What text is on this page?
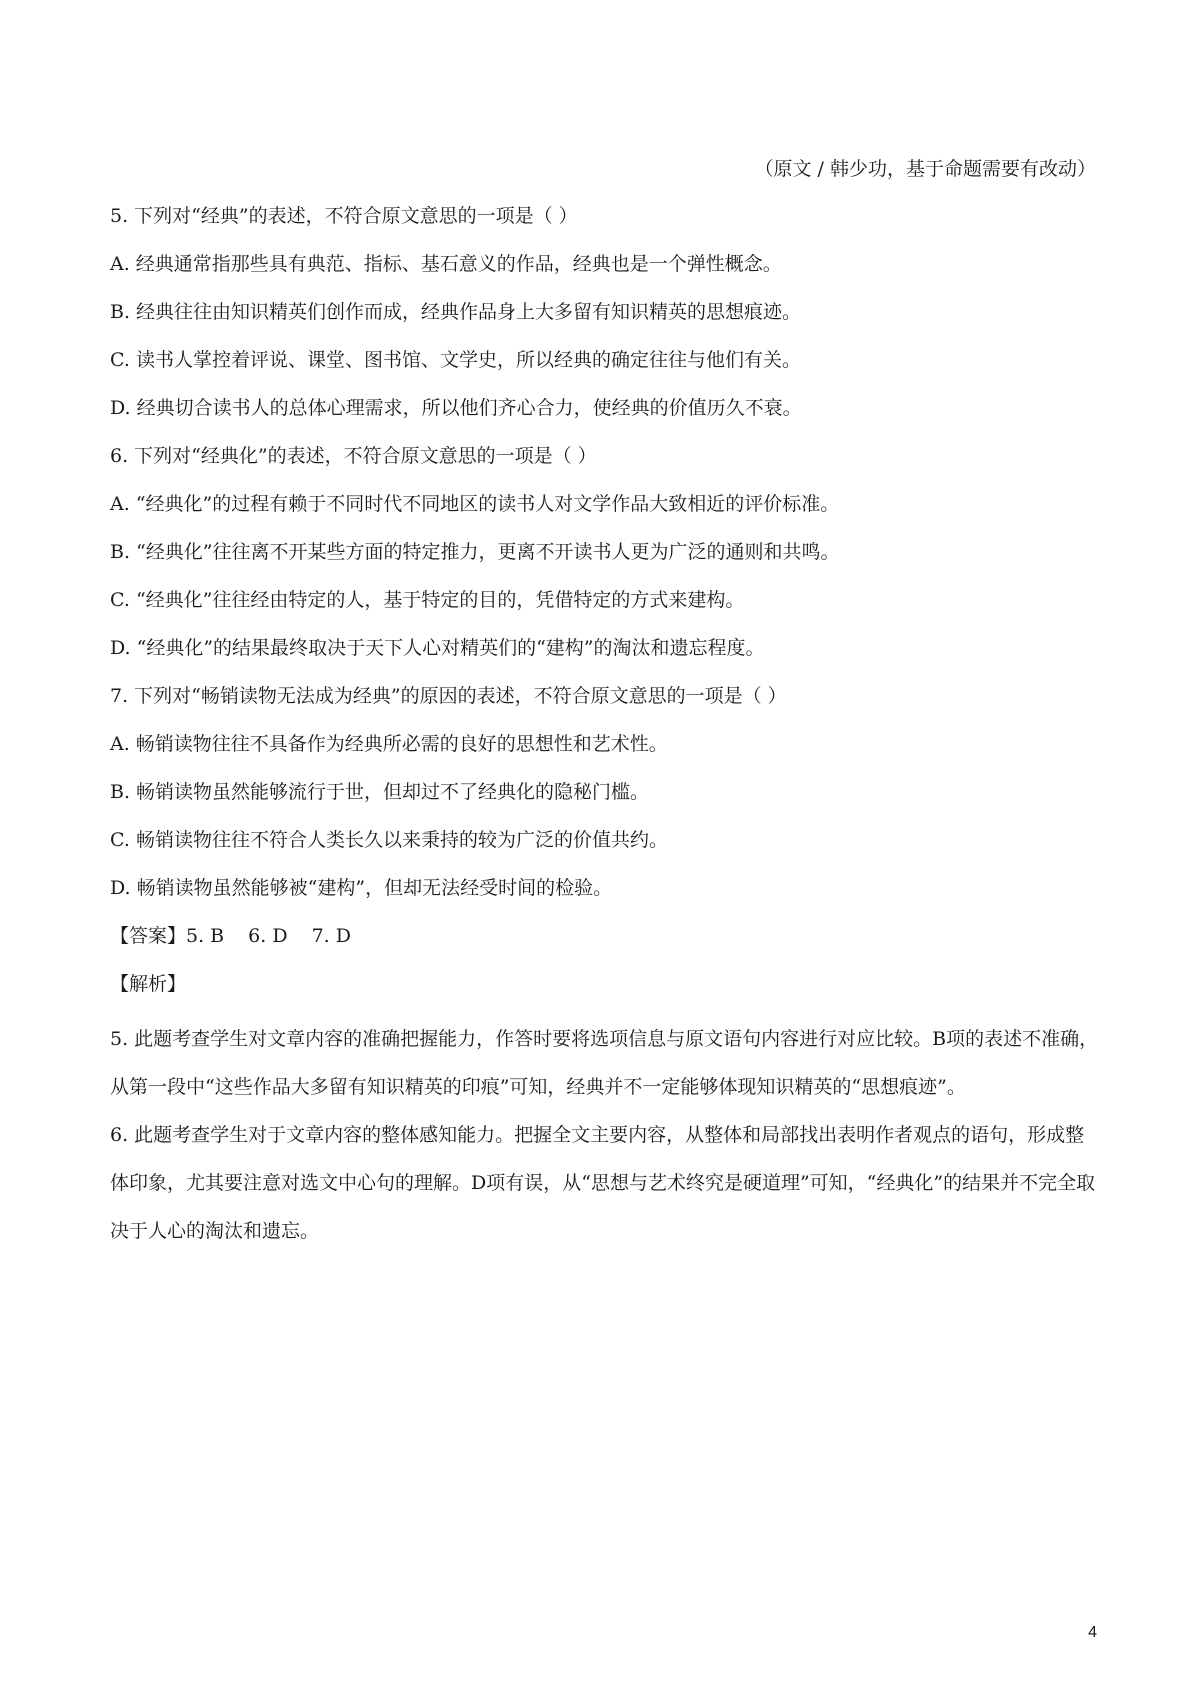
（原文 / 韩少功，基于命题需要有改动）
5. 下列对“经典”的表述，不符合原文意思的一项是（ ）
A. 经典通常指那些具有典范、指标、基石意义的作品，经典也是一个弹性概念。
B. 经典往往由知识精英们创作而成，经典作品身上大多留有知识精英的思想痕迹。
C. 读书人掌控着评说、课堂、图书馆、文学史，所以经典的确定往往与他们有关。
D. 经典切合读书人的总体心理需求，所以他们齐心合力，使经典的价值历久不衰。
6. 下列对“经典化”的表述，不符合原文意思的一项是（ ）
A. “经典化”的过程有赖于不同时代不同地区的读书人对文学作品大致相近的评价标准。
B. “经典化”往往离不开某些方面的特定推力，更离不开读书人更为广泛的通则和共鸣。
C. “经典化”往往经由特定的人，基于特定的目的，凭借特定的方式来建构。
D. “经典化”的结果最终取决于天下人心对精英们的“建构”的淘汰和遗忘程度。
7. 下列对“畅销读物无法成为经典”的原因的表述，不符合原文意思的一项是（ ）
A. 畅销读物往往不具备作为经典所必需的良好的思想性和艺术性。
B. 畅销读物虽然能够流行于世，但却过不了经典化的隐秘门槛。
C. 畅销读物往往不符合人类长久以来秉持的较为广泛的价值共约。
D. 畅销读物虽然能够被“建构”，但却无法经受时间的检验。
【答案】5. B 6. D 7. D
【解析】

5. 此题考查学生对文章内容的准确把握能力，作答时要将选项信息与原文语句内容进行对应比较。B项的表述不准确，从第一段中“这些作品大多留有知识精英的印痕”可知，经典并不一定能够体现知识精英的“思想痕迹”。

6. 此题考查学生对于文章内容的整体感知能力。把握全文主要内容，从整体和局部找出表明作者观点的语句，形成整体印象，尤其要注意对选文中心句的理解。D项有误，从“思想与艺术终究是硬道理”可知，“经典化”的结果并不完全取决于人心的淘汰和遗忘。

4
